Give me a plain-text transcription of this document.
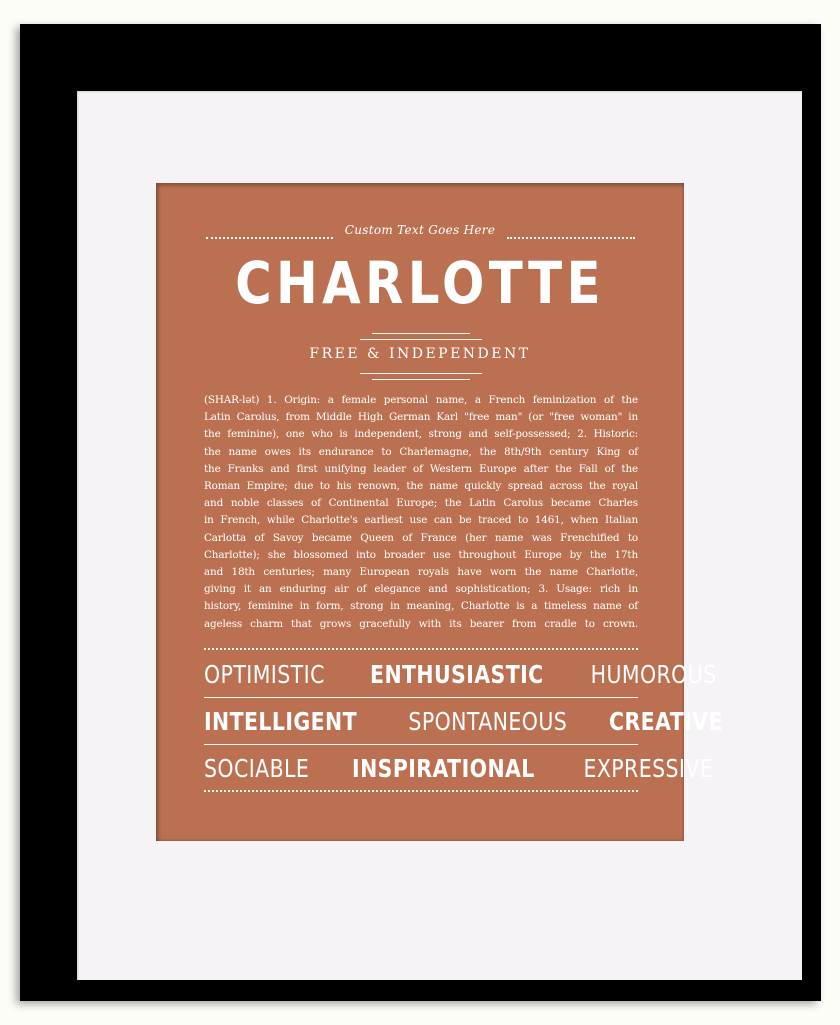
Custom Text Goes Here
CHARLOTTE
FREE & INDEPENDENT
(SHAR-lət) 1. Origin: a female personal name, a French feminization of the
Latin Carolus, from Middle High German Karl "free man" (or "free woman" in
the feminine), one who is independent, strong and self-possessed; 2. Historic:
the name owes its endurance to Charlemagne, the 8th/9th century King of
the Franks and first unifying leader of Western Europe after the Fall of the
Roman Empire; due to his renown, the name quickly spread across the royal
and noble classes of Continental Europe; the Latin Carolus became Charles
in French, while Charlotte's earliest use can be traced to 1461, when Italian
Carlotta of Savoy became Queen of France (her name was Frenchified to
Charlotte); she blossomed into broader use throughout Europe by the 17th
and 18th centuries; many European royals have worn the name Charlotte,
giving it an enduring air of elegance and sophistication; 3. Usage: rich in
history, feminine in form, strong in meaning, Charlotte is a timeless name of
ageless charm that grows gracefully with its bearer from cradle to crown.
OPTIMISTIC ENTHUSIASTIC HUMOROUS
INTELLIGENT SPONTANEOUS CREATIVE
SOCIABLE INSPIRATIONAL EXPRESSIVE
